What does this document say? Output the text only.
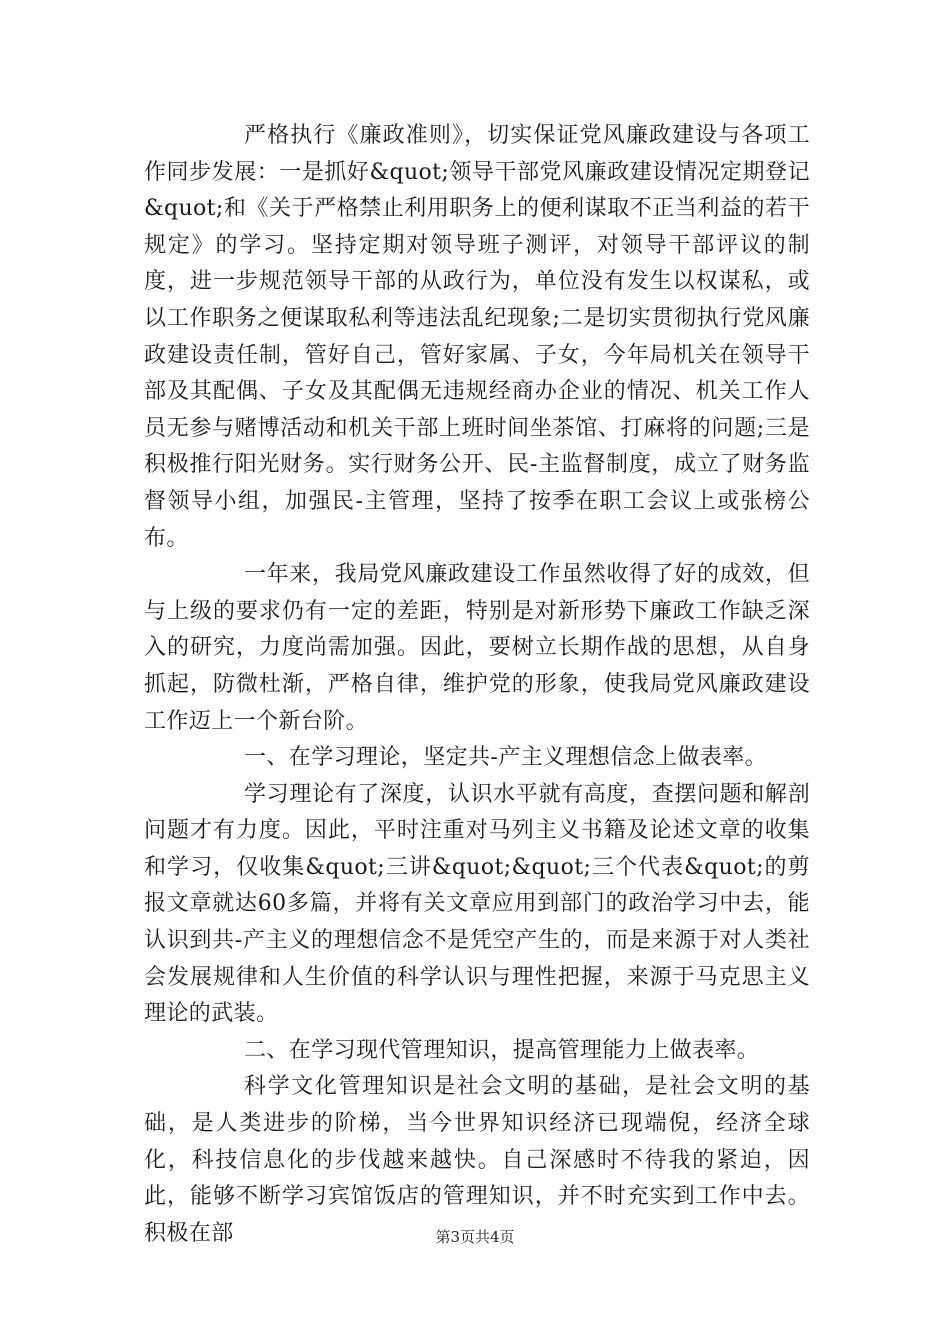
严格执行《廉政准则》，切实保证党风廉政建设与各项工作同步发展：一是抓好&quot;领导干部党风廉政建设情况定期登记&quot;和《关于严格禁止利用职务上的便利谋取不正当利益的若干规定》的学习。坚持定期对领导班子测评，对领导干部评议的制度，进一步规范领导干部的从政行为，单位没有发生以权谋私，或以工作职务之便谋取私利等违法乱纪现象;二是切实贯彻执行党风廉政建设责任制，管好自己，管好家属、子女，今年局机关在领导干部及其配偶、子女及其配偶无违规经商办企业的情况、机关工作人员无参与赌博活动和机关干部上班时间坐茶馆、打麻将的问题;三是积极推行阳光财务。实行财务公开、民-主监督制度，成立了财务监督领导小组，加强民-主管理，坚持了按季在职工会议上或张榜公布。

一年来，我局党风廉政建设工作虽然收得了好的成效，但与上级的要求仍有一定的差距，特别是对新形势下廉政工作缺乏深入的研究，力度尚需加强。因此，要树立长期作战的思想，从自身抓起，防微杜渐，严格自律，维护党的形象，使我局党风廉政建设工作迈上一个新台阶。

一、在学习理论，坚定共-产主义理想信念上做表率。

学习理论有了深度，认识水平就有高度，查摆问题和解剖问题才有力度。因此，平时注重对马列主义书籍及论述文章的收集和学习，仅收集&quot;三讲&quot;&quot;三个代表&quot;的剪报文章就达60多篇，并将有关文章应用到部门的政治学习中去，能认识到共-产主义的理想信念不是凭空产生的，而是来源于对人类社会发展规律和人生价值的科学认识与理性把握，来源于马克思主义理论的武装。

二、在学习现代管理知识，提高管理能力上做表率。

科学文化管理知识是社会文明的基础，是社会文明的基础，是人类进步的阶梯，当今世界知识经济已现端倪，经济全球化，科技信息化的步伐越来越快。自己深感时不待我的紧迫，因此，能够不断学习宾馆饭店的管理知识，并不时充实到工作中去。积极在部	第3页共4页
